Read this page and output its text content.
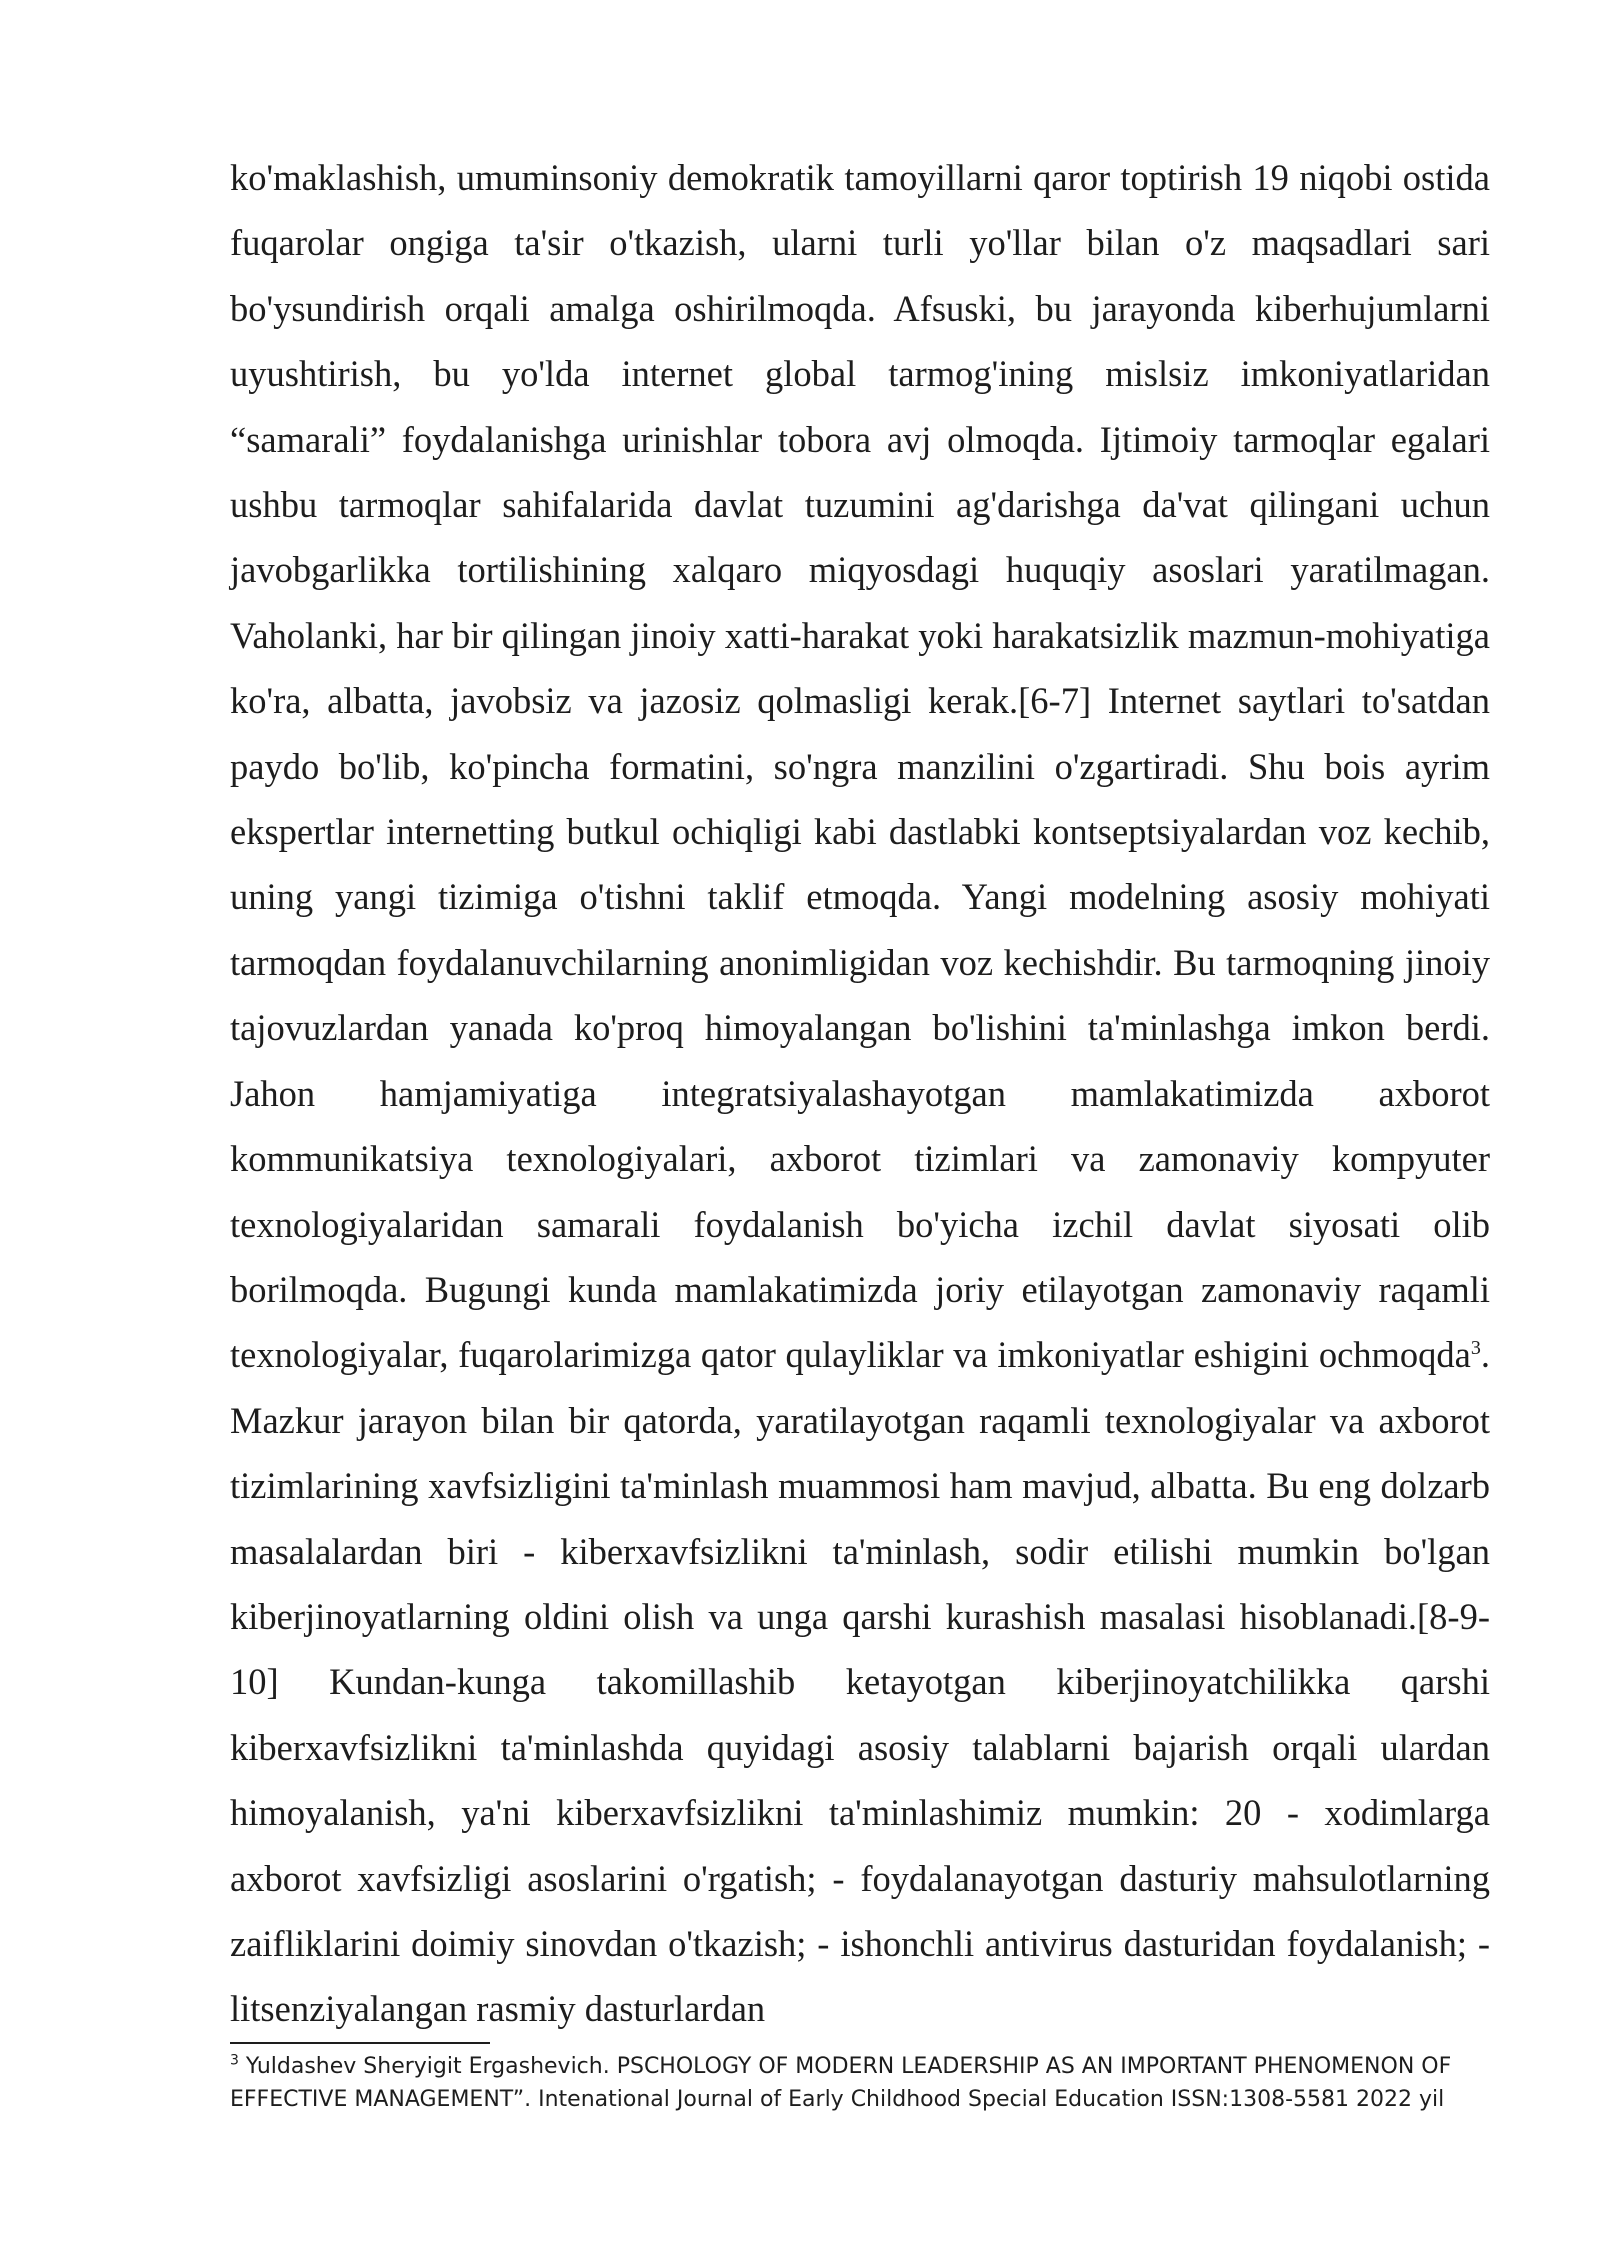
ko'maklashish, umuminsoniy demokratik tamoyillarni qaror toptirish 19 niqobi ostida fuqarolar ongiga ta'sir o'tkazish, ularni turli yo'llar bilan o'z maqsadlari sari bo'ysundirish orqali amalga oshirilmoqda. Afsuski, bu jarayonda kiberhujumlarni uyushtirish, bu yo'lda internet global tarmog'ining mislsiz imkoniyatlaridan “samarali” foydalanishga urinishlar tobora avj olmoqda. Ijtimoiy tarmoqlar egalari ushbu tarmoqlar sahifalarida davlat tuzumini ag'darishga da'vat qilingani uchun javobgarlikka tortilishining xalqaro miqyosdagi huquqiy asoslari yaratilmagan. Vaholanki, har bir qilingan jinoiy xatti-harakat yoki harakatsizlik mazmun-mohiyatiga ko'ra, albatta, javobsiz va jazosiz qolmasligi kerak.[6-7] Internet saytlari to'satdan paydo bo'lib, ko'pincha formatini, so'ngra manzilini o'zgartiradi. Shu bois ayrim ekspertlar internetting butkul ochiqligi kabi dastlabki kontseptsiyalardan voz kechib, uning yangi tizimiga o'tishni taklif etmoqda. Yangi modelning asosiy mohiyati tarmoqdan foydalanuvchilarning anonimligidan voz kechishdir. Bu tarmoqning jinoiy tajovuzlardan yanada ko'proq himoyalangan bo'lishini ta'minlashga imkon berdi. Jahon hamjamiyatiga integratsiyalashayotgan mamlakatimizda axborot kommunikatsiya texnologiyalari, axborot tizimlari va zamonaviy kompyuter texnologiyalaridan samarali foydalanish bo'yicha izchil davlat siyosati olib borilmoqda. Bugungi kunda mamlakatimizda joriy etilayotgan zamonaviy raqamli texnologiyalar, fuqarolarimizga qator qulayliklar va imkoniyatlar eshigini ochmoqda$^3$. Mazkur jarayon bilan bir qatorda, yaratilayotgan raqamli texnologiyalar va axborot tizimlarining xavfsizligini ta'minlash muammosi ham mavjud, albatta. Bu eng dolzarb masalalardan biri - kiberxavfsizlikni ta'minlash, sodir etilishi mumkin bo'lgan kiberjinoyatlarning oldini olish va unga qarshi kurashish masalasi hisoblanadi.[8-9-10] Kundan-kunga takomillashib ketayotgan kiberjinoyatchilikka qarshi kiberxavfsizlikni ta'minlashda quyidagi asosiy talablarni bajarish orqali ulardan himoyalanish, ya'ni kiberxavfsizlikni ta'minlashimiz mumkin: 20 - xodimlarga axborot xavfsizligi asoslarini o'rgatish; - foydalanayotgan dasturiy mahsulotlarning zaifliklarini doimiy sinovdan o'tkazish; - ishonchli antivirus dasturidan foydalanish; - litsenziyalangan rasmiy dasturlardan

$^3$ Yuldashev Sheryigit Ergashevich. PSCHOLOGY OF MODERN LEADERSHIP AS AN IMPORTANT PHENOMENON OF EFFECTIVE MANAGEMENT”. Intenational Journal of Early Childhood Special Education ISSN:1308-5581 2022 yil
